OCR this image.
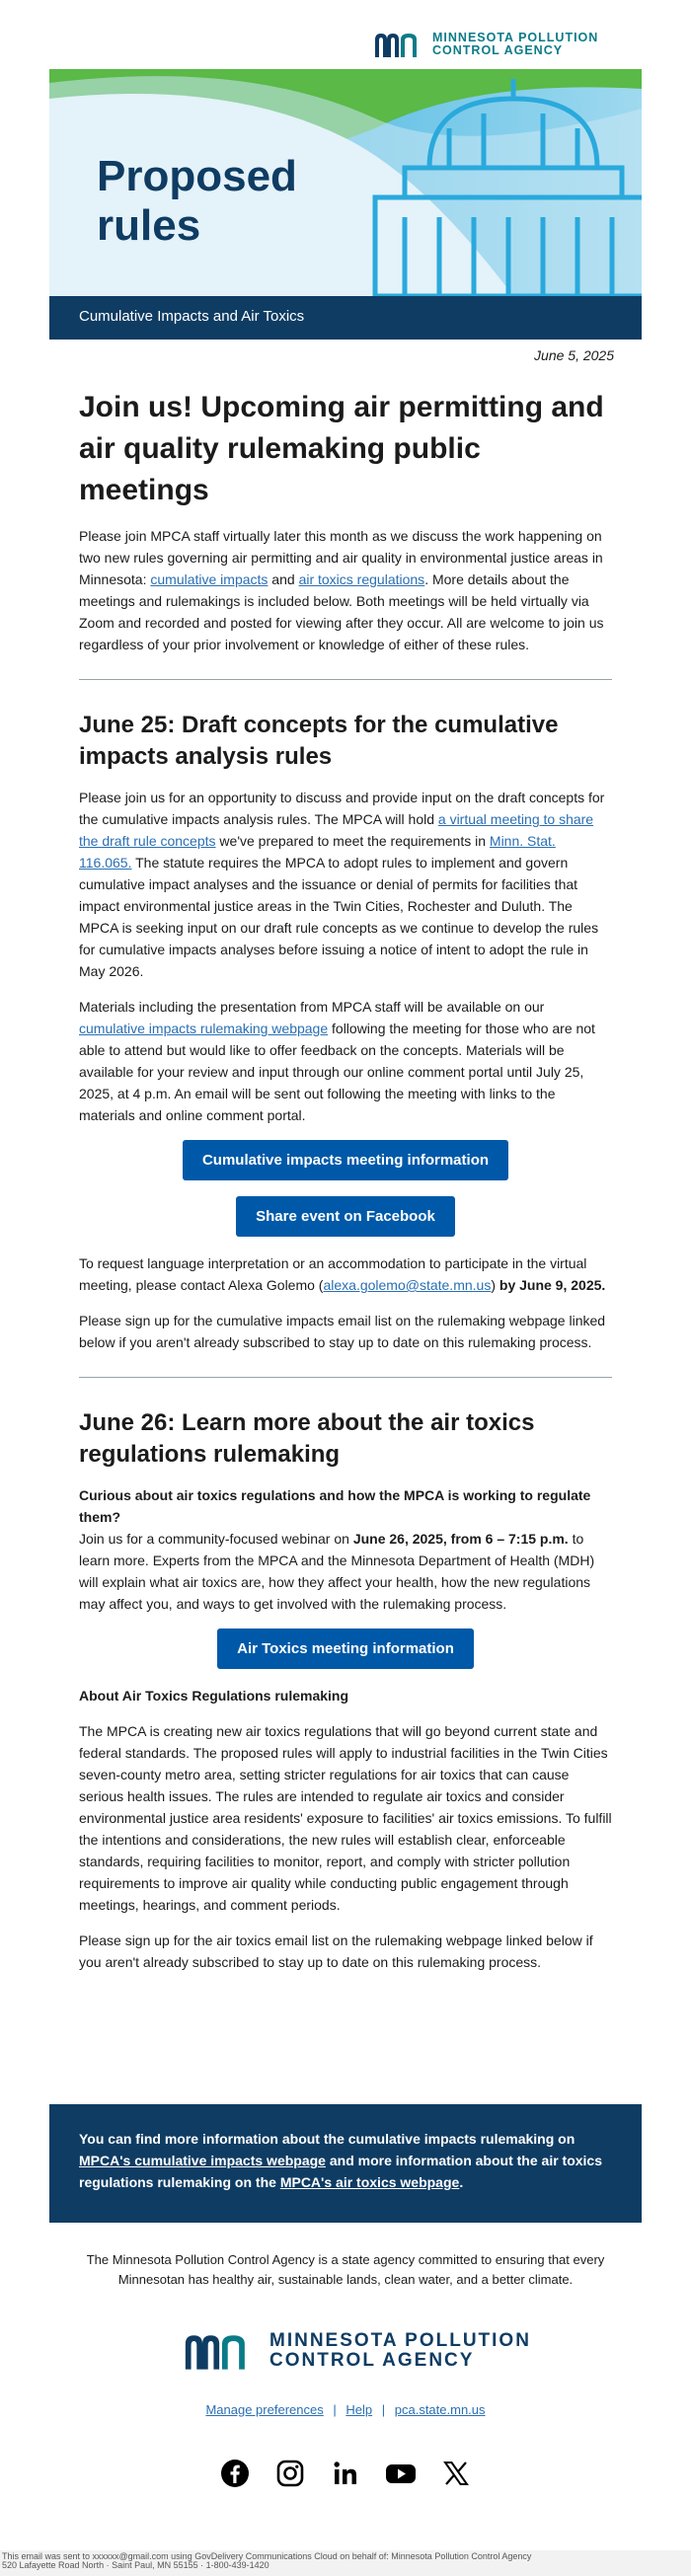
MINNESOTA POLLUTION
CONTROL AGENCY
Proposed
rules
Cumulative Impacts and Air Toxics
June 5, 2025
Join us! Upcoming air permitting and air quality rulemaking public meetings

Please join MPCA staff virtually later this month as we discuss the work happening on two new rules governing air permitting and air quality in environmental justice areas in Minnesota: cumulative impacts and air toxics regulations. More details about the meetings and rulemakings is included below. Both meetings will be held virtually via Zoom and recorded and posted for viewing after they occur. All are welcome to join us regardless of your prior involvement or knowledge of either of these rules.

June 25: Draft concepts for the cumulative impacts analysis rules

Please join us for an opportunity to discuss and provide input on the draft concepts for the cumulative impacts analysis rules. The MPCA will hold a virtual meeting to share the draft rule concepts we've prepared to meet the requirements in Minn. Stat. 116.065. The statute requires the MPCA to adopt rules to implement and govern cumulative impact analyses and the issuance or denial of permits for facilities that impact environmental justice areas in the Twin Cities, Rochester and Duluth. The MPCA is seeking input on our draft rule concepts as we continue to develop the rules for cumulative impacts analyses before issuing a notice of intent to adopt the rule in May 2026.

Materials including the presentation from MPCA staff will be available on our cumulative impacts rulemaking webpage following the meeting for those who are not able to attend but would like to offer feedback on the concepts. Materials will be available for your review and input through our online comment portal until July 25, 2025, at 4 p.m. An email will be sent out following the meeting with links to the materials and online comment portal.

Cumulative impacts meeting information
Share event on Facebook

To request language interpretation or an accommodation to participate in the virtual meeting, please contact Alexa Golemo (alexa.golemo@state.mn.us) by June 9, 2025.

Please sign up for the cumulative impacts email list on the rulemaking webpage linked below if you aren't already subscribed to stay up to date on this rulemaking process.

June 26: Learn more about the air toxics regulations rulemaking

Curious about air toxics regulations and how the MPCA is working to regulate them?

Join us for a community-focused webinar on June 26, 2025, from 6 – 7:15 p.m. to learn more. Experts from the MPCA and the Minnesota Department of Health (MDH) will explain what air toxics are, how they affect your health, how the new regulations may affect you, and ways to get involved with the rulemaking process.

Air Toxics meeting information

About Air Toxics Regulations rulemaking

The MPCA is creating new air toxics regulations that will go beyond current state and federal standards. The proposed rules will apply to industrial facilities in the Twin Cities seven-county metro area, setting stricter regulations for air toxics that can cause serious health issues. The rules are intended to regulate air toxics and consider environmental justice area residents' exposure to facilities' air toxics emissions. To fulfill the intentions and considerations, the new rules will establish clear, enforceable standards, requiring facilities to monitor, report, and comply with stricter pollution requirements to improve air quality while conducting public engagement through meetings, hearings, and comment periods.

Please sign up for the air toxics email list on the rulemaking webpage linked below if you aren't already subscribed to stay up to date on this rulemaking process.

You can find more information about the cumulative impacts rulemaking on MPCA's cumulative impacts webpage and more information about the air toxics regulations rulemaking on the MPCA's air toxics webpage.
The Minnesota Pollution Control Agency is a state agency committed to ensuring that every Minnesotan has healthy air, sustainable lands, clean water, and a better climate.
MINNESOTA POLLUTION
CONTROL AGENCY
Manage preferences | Help | pca.state.mn.us
This email was sent to xxxxxx@gmail.com using GovDelivery Communications Cloud on behalf of: Minnesota Pollution Control Agency
520 Lafayette Road North · Saint Paul, MN 55155 · 1-800-439-1420
